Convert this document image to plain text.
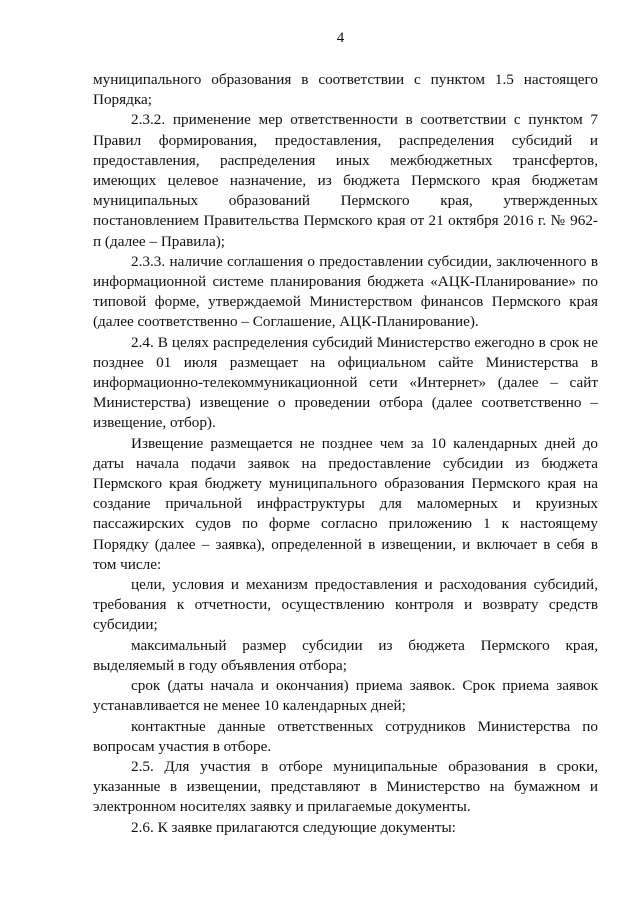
4

муниципального образования в соответствии с пунктом 1.5 настоящего Порядка;

2.3.2. применение мер ответственности в соответствии с пунктом 7 Правил формирования, предоставления, распределения субсидий и предоставления, распределения иных межбюджетных трансфертов, имеющих целевое назначение, из бюджета Пермского края бюджетам муниципальных образований Пермского края, утвержденных постановлением Правительства Пермского края от 21 октября 2016 г. № 962-п (далее – Правила);

2.3.3. наличие соглашения о предоставлении субсидии, заключенного в информационной системе планирования бюджета «АЦК-Планирование» по типовой форме, утверждаемой Министерством финансов Пермского края (далее соответственно – Соглашение, АЦК-Планирование).

2.4. В целях распределения субсидий Министерство ежегодно в срок не позднее 01 июля размещает на официальном сайте Министерства в информационно-телекоммуникационной сети «Интернет» (далее – сайт Министерства) извещение о проведении отбора (далее соответственно – извещение, отбор).

Извещение размещается не позднее чем за 10 календарных дней до даты начала подачи заявок на предоставление субсидии из бюджета Пермского края бюджету муниципального образования Пермского края на создание причальной инфраструктуры для маломерных и круизных пассажирских судов по форме согласно приложению 1 к настоящему Порядку (далее – заявка), определенной в извещении, и включает в себя в том числе:

цели, условия и механизм предоставления и расходования субсидий, требования к отчетности, осуществлению контроля и возврату средств субсидии;

максимальный размер субсидии из бюджета Пермского края, выделяемый в году объявления отбора;

срок (даты начала и окончания) приема заявок. Срок приема заявок устанавливается не менее 10 календарных дней;

контактные данные ответственных сотрудников Министерства по вопросам участия в отборе.

2.5. Для участия в отборе муниципальные образования в сроки, указанные в извещении, представляют в Министерство на бумажном и электронном носителях заявку и прилагаемые документы.

2.6. К заявке прилагаются следующие документы:
